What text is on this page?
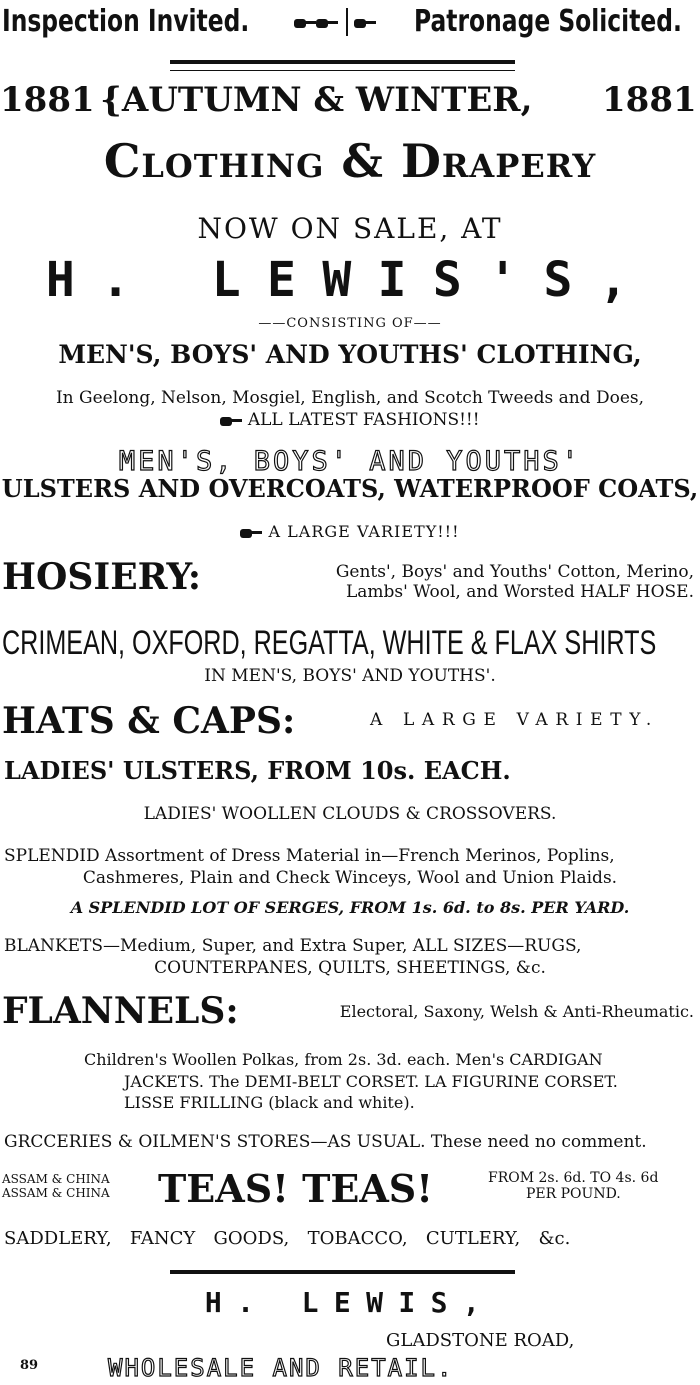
Inspection Invited.	Patronage Solicited.
1881 {AUTUMN & WINTER, 1881
Clothing & Drapery
NOW ON SALE, AT
H. LEWIS'S,
——CONSISTING OF——
MEN'S, BOYS' AND YOUTHS' CLOTHING,
In Geelong, Nelson, Mosgiel, English, and Scotch Tweeds and Does,
ALL LATEST FASHIONS!!!
MEN'S, BOYS' AND YOUTHS'
ULSTERS AND OVERCOATS, WATERPROOF COATS,
A LARGE VARIETY!!!
HOSIERY:	Gents', Boys' and Youths' Cotton, Merino,
Lambs' Wool, and Worsted HALF HOSE.
CRIMEAN, OXFORD, REGATTA, WHITE & FLAX SHIRTS
IN MEN'S, BOYS' AND YOUTHS'.
HATS & CAPS:	A LARGE VARIETY.
LADIES' ULSTERS, FROM 10s. EACH.
LADIES' WOOLLEN CLOUDS & CROSSOVERS.
SPLENDID Assortment of Dress Material in—French Merinos, Poplins,
Cashmeres, Plain and Check Winceys, Wool and Union Plaids.
A SPLENDID LOT OF SERGES, FROM 1s. 6d. to 8s. PER YARD.
BLANKETS—Medium, Super, and Extra Super, ALL SIZES—RUGS,
COUNTERPANES, QUILTS, SHEETINGS, &c.
FLANNELS:	Electoral, Saxony, Welsh & Anti-Rheumatic.
Children's Woollen Polkas, from 2s. 3d. each. Men's CARDIGAN
JACKETS. The DEMI-BELT CORSET. LA FIGURINE CORSET.
LISSE FRILLING (black and white).
GRCCERIES & OILMEN'S STORES—AS USUAL. These need no comment.
ASSAM & CHINA
ASSAM & CHINA TEAS! TEAS!	FROM 2s. 6d. TO 4s. 6d
PER POUND.
SADDLERY, FANCY GOODS, TOBACCO, CUTLERY, &c.
H. LEWIS,
GLADSTONE ROAD,
89	WHOLESALE AND RETAIL.
